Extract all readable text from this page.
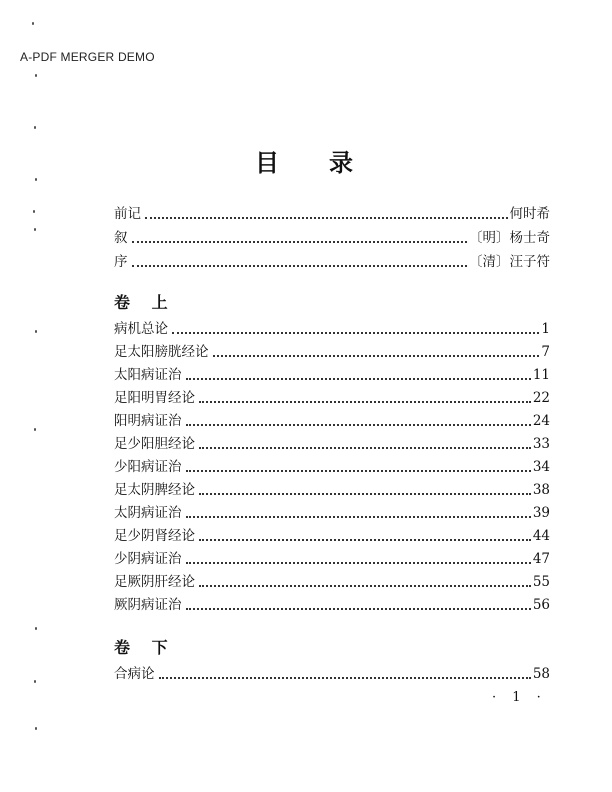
A-PDF MERGER DEMO
目 录
前记	何时希
叙	〔明〕杨士奇
序	〔清〕汪子符
卷 上
病机总论	1
足太阳膀胱经论	7
太阳病证治	11
足阳明胃经论	22
阳明病证治	24
足少阳胆经论	33
少阳病证治	34
足太阴脾经论	38
太阴病证治	39
足少阴肾经论	44
少阴病证治	47
足厥阴肝经论	55
厥阴病证治	56
卷 下
合病论	58
· 1 ·
